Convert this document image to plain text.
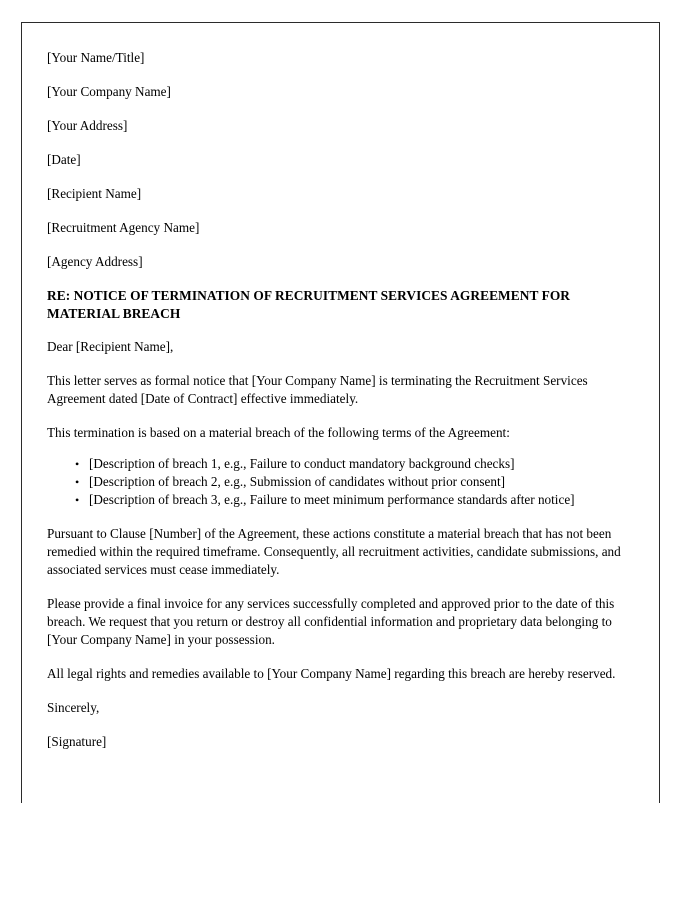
[Your Name/Title]

[Your Company Name]

[Your Address]

[Date]

[Recipient Name]

[Recruitment Agency Name]

[Agency Address]

RE: NOTICE OF TERMINATION OF RECRUITMENT SERVICES AGREEMENT FOR MATERIAL BREACH

Dear [Recipient Name],

This letter serves as formal notice that [Your Company Name] is terminating the Recruitment Services Agreement dated [Date of Contract] effective immediately.

This termination is based on a material breach of the following terms of the Agreement:

• [Description of breach 1, e.g., Failure to conduct mandatory background checks]
• [Description of breach 2, e.g., Submission of candidates without prior consent]
• [Description of breach 3, e.g., Failure to meet minimum performance standards after notice]

Pursuant to Clause [Number] of the Agreement, these actions constitute a material breach that has not been remedied within the required timeframe. Consequently, all recruitment activities, candidate submissions, and associated services must cease immediately.

Please provide a final invoice for any services successfully completed and approved prior to the date of this breach. We request that you return or destroy all confidential information and proprietary data belonging to [Your Company Name] in your possession.

All legal rights and remedies available to [Your Company Name] regarding this breach are hereby reserved.

Sincerely,

[Signature]
